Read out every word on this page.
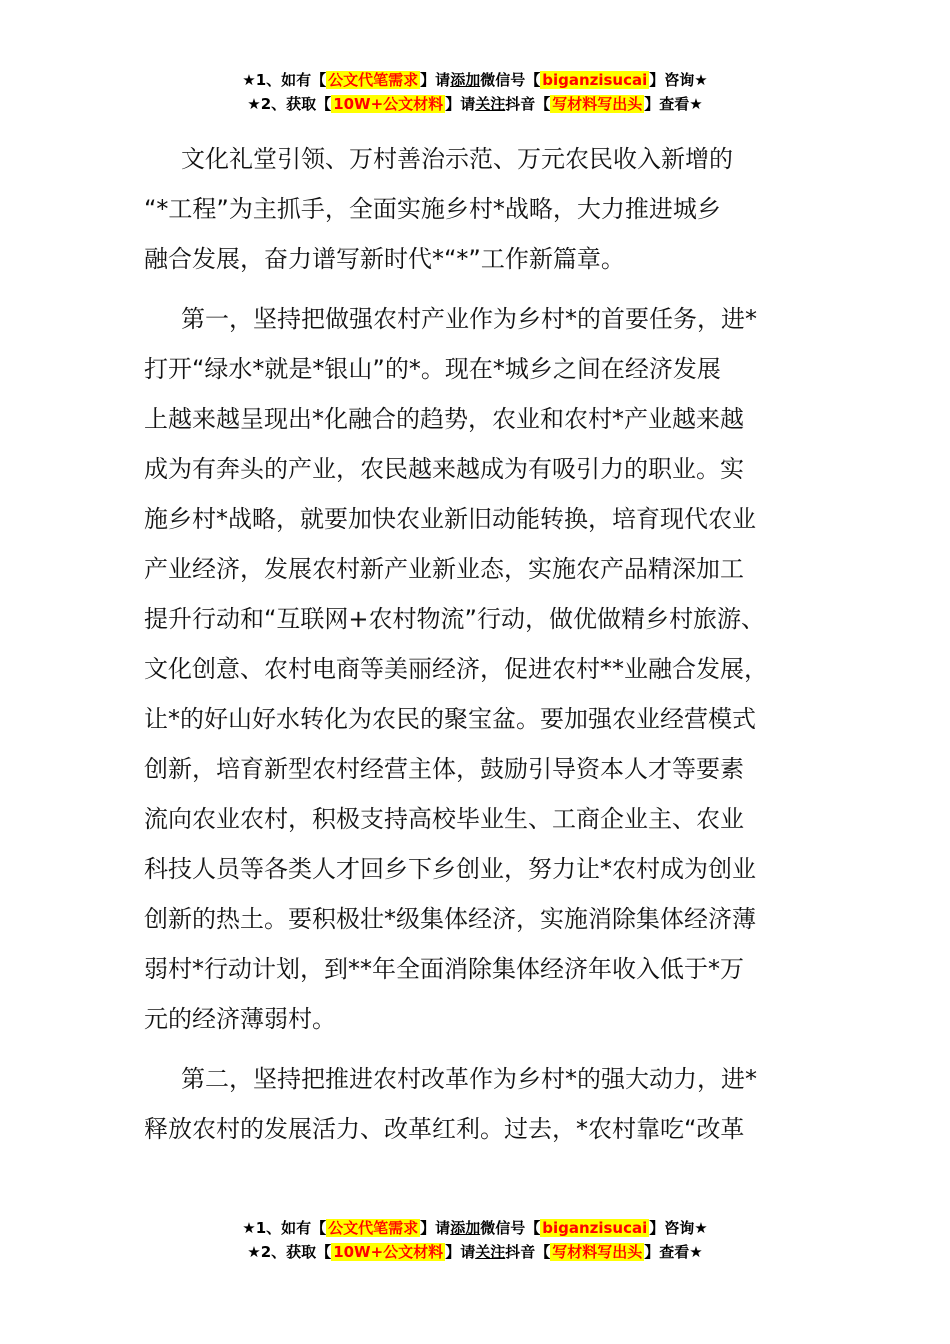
★1、如有【 公文代笔需求 】请添加微信号【 biganzisucai 】咨询★
★2、获取【 10W+公文材料 】请关注抖音【 写材料写出头 】查看★

文化礼堂引领、万村善治示范、万元农民收入新增的
“*工程”为主抓手，全面实施乡村*战略，大力推进城乡
融合发展，奋力谱写新时代*“*”工作新篇章。

第一，坚持把做强农村产业作为乡村*的首要任务，进*
打开“绿水*就是*银山”的*。现在*城乡之间在经济发展
上越来越呈现出*化融合的趋势，农业和农村*产业越来越
成为有奔头的产业，农民越来越成为有吸引力的职业。实
施乡村*战略，就要加快农业新旧动能转换，培育现代农业
产业经济，发展农村新产业新业态，实施农产品精深加工
提升行动和“互联网+农村物流”行动，做优做精乡村旅游、
文化创意、农村电商等美丽经济，促进农村**业融合发展，
让*的好山好水转化为农民的聚宝盆。要加强农业经营模式
创新，培育新型农村经营主体，鼓励引导资本人才等要素
流向农业农村，积极支持高校毕业生、工商企业主、农业
科技人员等各类人才回乡下乡创业，努力让*农村成为创业
创新的热土。要积极壮*级集体经济，实施消除集体经济薄
弱村*行动计划，到**年全面消除集体经济年收入低于*万
元的经济薄弱村。

第二，坚持把推进农村改革作为乡村*的强大动力，进*
释放农村的发展活力、改革红利。过去，*农村靠吃“改革

★1、如有【 公文代笔需求 】请添加微信号【 biganzisucai 】咨询★
★2、获取【 10W+公文材料 】请关注抖音【 写材料写出头 】查看★
